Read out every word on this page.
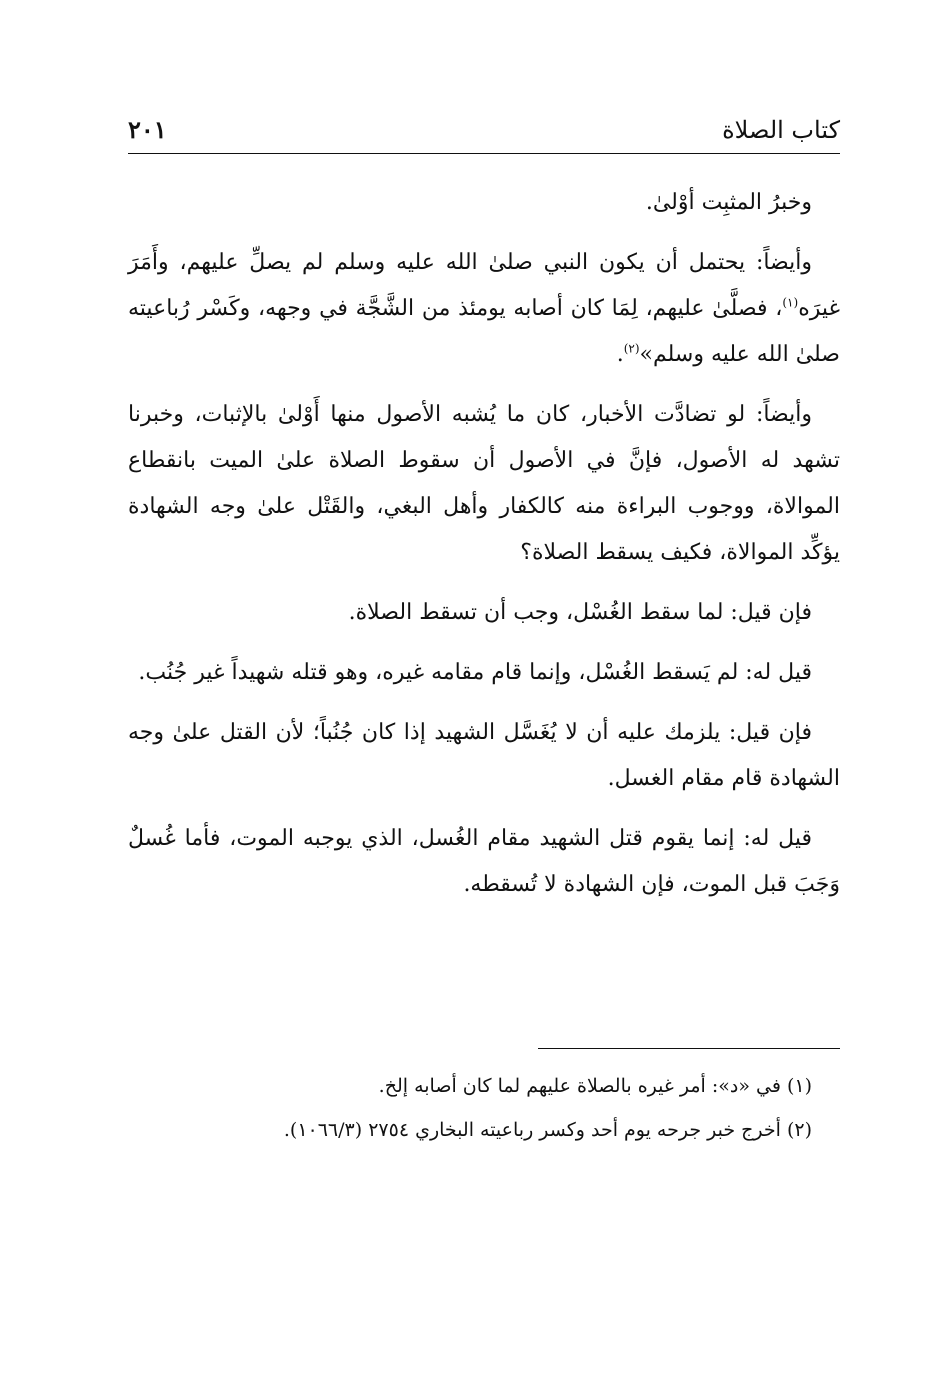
كتاب الصلاة
٢٠١

وخبرُ المثبِت أوْلىٰ.

وأيضاً: يحتمل أن يكون النبي صلىٰ الله عليه وسلم لم يصلِّ عليهم، وأَمَرَ غيرَه$^{(١)}$، فصلَّىٰ عليهم، لِمَا كان أصابه يومئذ من الشَّجَّة في وجهه، وكَسْر رُباعيته صلىٰ الله عليه وسلم»$^{(٢)}$.

وأيضاً: لو تضادَّت الأخبار، كان ما يُشبه الأصول منها أَوْلىٰ بالإثبات، وخبرنا تشهد له الأصول، فإنَّ في الأصول أن سقوط الصلاة علىٰ الميت بانقطاع الموالاة، ووجوب البراءة منه كالكفار وأهل البغي، والقَتْل علىٰ وجه الشهادة يؤكِّد الموالاة، فكيف يسقط الصلاة؟

فإن قيل: لما سقط الغُسْل، وجب أن تسقط الصلاة.

قيل له: لم يَسقط الغُسْل، وإنما قام مقامه غيره، وهو قتله شهيداً غير جُنُب.

فإن قيل: يلزمك عليه أن لا يُغَسَّل الشهيد إذا كان جُنُباً؛ لأن القتل علىٰ وجه الشهادة قام مقام الغسل.

قيل له: إنما يقوم قتل الشهيد مقام الغُسل، الذي يوجبه الموت، فأما غُسلٌ وَجَبَ قبل الموت، فإن الشهادة لا تُسقطه.

(١) في «د»: أمر غيره بالصلاة عليهم لما كان أصابه إلخ.

(٢) أخرج خبر جرحه يوم أحد وكسر رباعيته البخاري ٢٧٥٤ (١٠٦٦/٣).
